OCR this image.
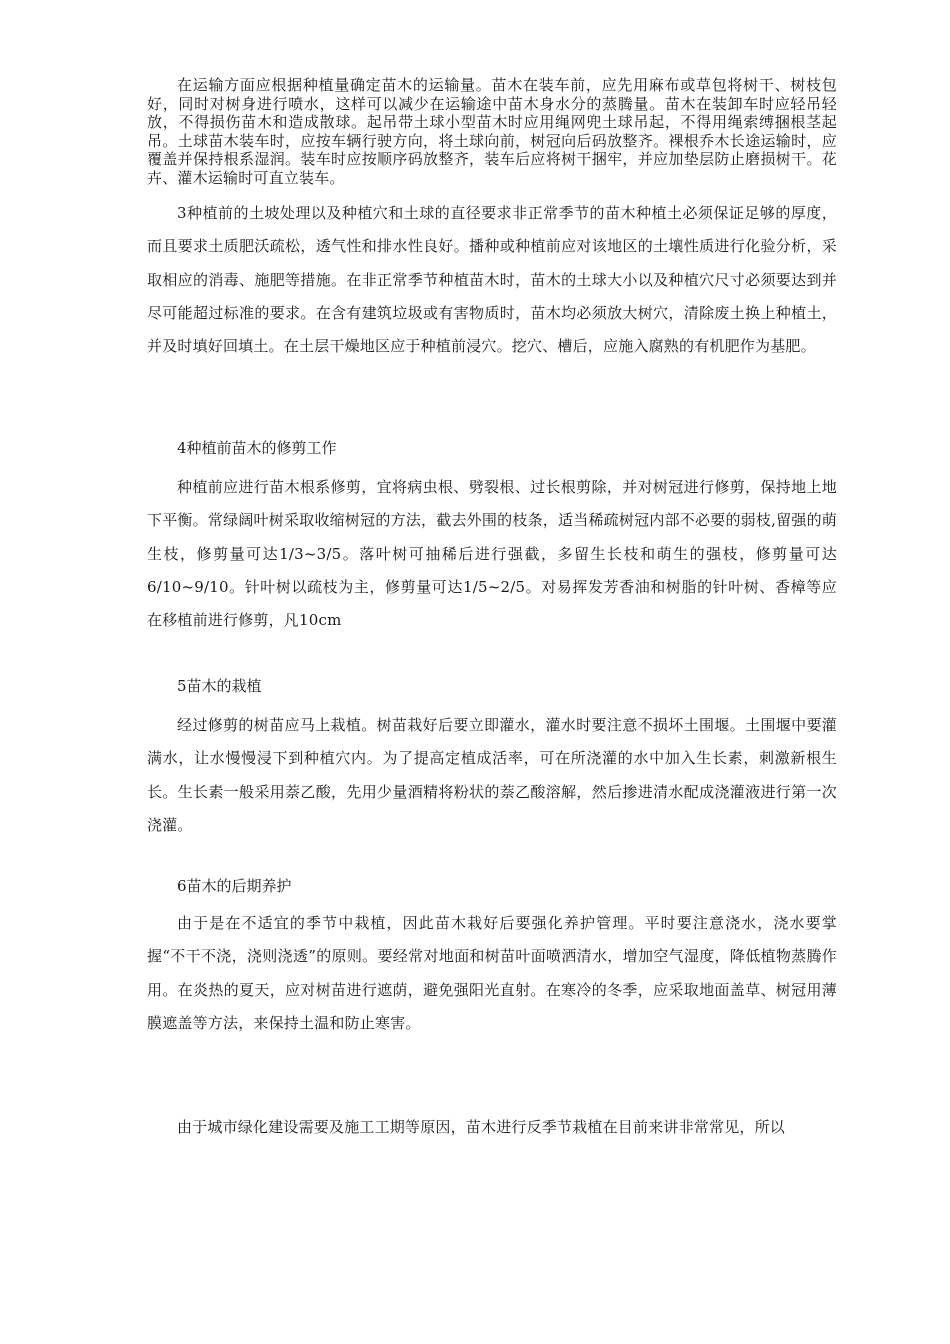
在运输方面应根据种植量确定苗木的运输量。苗木在装车前，应先用麻布或草包将树干、树枝包好，同时对树身进行喷水，这样可以减少在运输途中苗木身水分的蒸腾量。苗木在装卸车时应轻吊轻放，不得损伤苗木和造成散球。起吊带土球小型苗木时应用绳网兜土球吊起，不得用绳索缚捆根茎起吊。土球苗木装车时，应按车辆行驶方向，将土球向前，树冠向后码放整齐。裸根乔木长途运输时，应覆盖并保持根系湿润。装车时应按顺序码放整齐，装车后应将树干捆牢，并应加垫层防止磨损树干。花卉、灌木运输时可直立装车。

3种植前的土坡处理以及种植穴和土球的直径要求非正常季节的苗木种植土必须保证足够的厚度，而且要求土质肥沃疏松，透气性和排水性良好。播种或种植前应对该地区的土壤性质进行化验分析，采取相应的消毒、施肥等措施。在非正常季节种植苗木时，苗木的土球大小以及种植穴尺寸必须要达到并尽可能超过标准的要求。在含有建筑垃圾或有害物质时，苗木均必须放大树穴，清除废土换上种植土，并及时填好回填土。在土层干燥地区应于种植前浸穴。挖穴、槽后，应施入腐熟的有机肥作为基肥。

4种植前苗木的修剪工作

种植前应进行苗木根系修剪，宜将病虫根、劈裂根、过长根剪除，并对树冠进行修剪，保持地上地下平衡。常绿阔叶树采取收缩树冠的方法，截去外围的枝条，适当稀疏树冠内部不必要的弱枝,留强的萌生枝，修剪量可达1/3~3/5。落叶树可抽稀后进行强截，多留生长枝和萌生的强枝，修剪量可达6/10~9/10。针叶树以疏枝为主，修剪量可达1/5~2/5。对易挥发芳香油和树脂的针叶树、香樟等应在移植前进行修剪，凡10cm

5苗木的栽植

经过修剪的树苗应马上栽植。树苗栽好后要立即灌水，灌水时要注意不损坏土围堰。土围堰中要灌满水，让水慢慢浸下到种植穴内。为了提高定植成活率，可在所浇灌的水中加入生长素，刺激新根生长。生长素一般采用萘乙酸，先用少量酒精将粉状的萘乙酸溶解，然后掺进清水配成浇灌液进行第一次浇灌。

6苗木的后期养护

由于是在不适宜的季节中栽植，因此苗木栽好后要强化养护管理。平时要注意浇水，浇水要掌握“不干不浇，浇则浇透”的原则。要经常对地面和树苗叶面喷洒清水，增加空气湿度，降低植物蒸腾作用。在炎热的夏天，应对树苗进行遮荫，避免强阳光直射。在寒冷的冬季，应采取地面盖草、树冠用薄膜遮盖等方法，来保持土温和防止寒害。

由于城市绿化建设需要及施工工期等原因，苗木进行反季节栽植在目前来讲非常常见，所以
